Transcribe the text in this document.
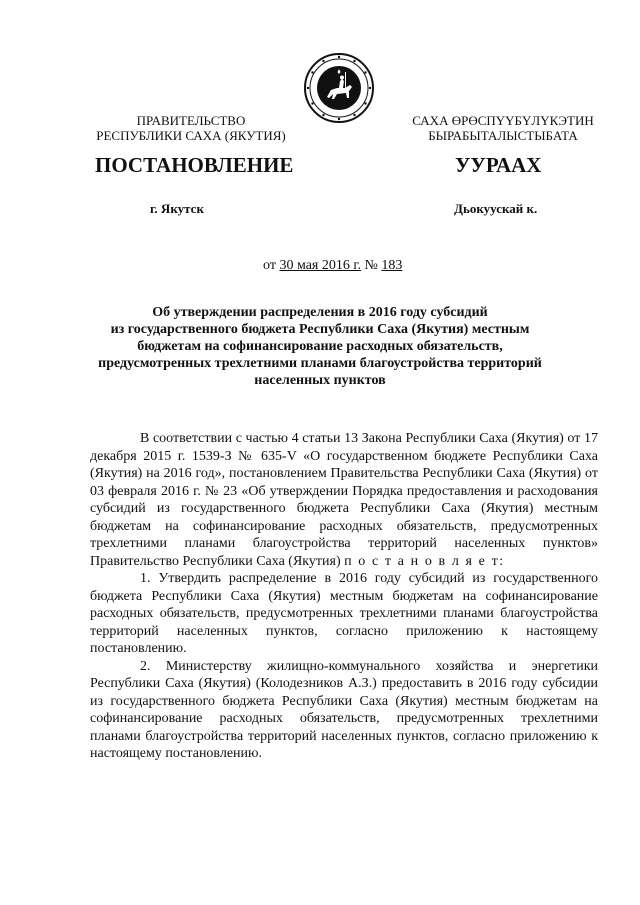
ПРАВИТЕЛЬСТВО
РЕСПУБЛИКИ САХА (ЯКУТИЯ)
САХА ӨРӨСПҮҮБҮЛҮКЭТИН
БЫРАБЫТАЛЫСТЫБАТА
ПОСТАНОВЛЕНИЕ	УУРААХ
г. Якутск	Дьокуускай к.
от 30 мая 2016 г. № 183
Об утверждении распределения в 2016 году субсидий
из государственного бюджета Республики Саха (Якутия) местным
бюджетам на софинансирование расходных обязательств,
предусмотренных трехлетними планами благоустройства территорий
населенных пунктов

В соответствии с частью 4 статьи 13 Закона Республики Саха (Якутия) от 17 декабря 2015 г. 1539-З № 635-V «О государственном бюджете Республики Саха (Якутия) на 2016 год», постановлением Правительства Республики Саха (Якутия) от 03 февраля 2016 г. № 23 «Об утверждении Порядка предоставления и расходования субсидий из государственного бюджета Республики Саха (Якутия) местным бюджетам на софинансирование расходных обязательств, предусмотренных трехлетними планами благоустройства территорий населенных пунктов» Правительство Республики Саха (Якутия) п о с т а н о в л я е т:

1. Утвердить распределение в 2016 году субсидий из государственного бюджета Республики Саха (Якутия) местным бюджетам на софинансирование расходных обязательств, предусмотренных трехлетними планами благоустройства территорий населенных пунктов, согласно приложению к настоящему постановлению.

2. Министерству жилищно-коммунального хозяйства и энергетики Республики Саха (Якутия) (Колодезников А.З.) предоставить в 2016 году субсидии из государственного бюджета Республики Саха (Якутия) местным бюджетам на софинансирование расходных обязательств, предусмотренных трехлетними планами благоустройства территорий населенных пунктов, согласно приложению к настоящему постановлению.
